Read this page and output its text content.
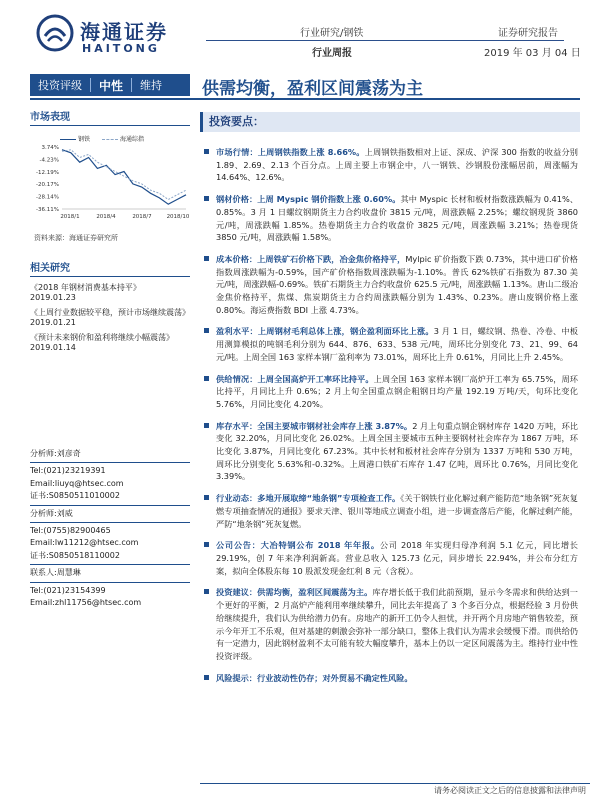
海通证券
HAITONG
行业研究/钢铁	证券研究报告
行业周报	2019 年 03 月 04 日
投资评级	中性	维持	供需均衡，盈利区间震荡为主
市场表现
钢铁	海通综指
3.74%
-4.23%
-12.19%
-20.17%
-28.14%
-36.11%
2018/1	2018/4	2018/7	2018/10
资料来源：海通证券研究所
相关研究
《2018 年钢材消费基本持平》
2019.01.23
《上周行业数据较平稳，预计市场继续震荡》2019.01.21
《预计未来钢价和盈利将继续小幅震荡》
2019.01.14
分析师:刘彦奇
Tel:(021)23219391
Email:liuyq@htsec.com
证书:S0850511010002
分析师:刘威
Tel:(0755)82900465
Email:lw11212@htsec.com
证书:S0850518110002
联系人:周慧琳
Tel:(021)23154399
Email:zhl11756@htsec.com
投资要点：
市场行情：上周钢铁指数上涨 8.66%。上周钢铁指数相对上证、深成、沪深 300 指数的收益分别 1.89、2.69、2.13 个百分点。上周主要上市钢企中，八一钢铁、沙钢股份涨幅居前，周涨幅为 14.64%、12.6%。
钢材价格：上周 Myspic 钢价指数上涨 0.60%。其中 Myspic 长材和板材指数涨跌幅为 0.41%、0.85%。3 月 1 日螺纹钢期货主力合约收盘价 3815 元/吨，周涨跌幅 2.25%；螺纹钢现货 3860 元/吨，周涨跌幅 1.85%。热卷期货主力合约收盘价 3825 元/吨，周涨跌幅 3.21%；热卷现货 3850 元/吨，周涨跌幅 1.58%。
成本价格：上周铁矿石价格下跌，冶金焦价格持平，Mylpic 矿价指数下跌 0.73%，其中进口矿价格指数周涨跌幅为-0.59%，国产矿价格指数周涨跌幅为-1.10%。普氏 62%铁矿石指数为 87.30 美元/吨，周涨跌幅-0.69%。铁矿石期货主力合约收盘价 625.5 元/吨，周涨跌幅 1.13%。唐山二级冶金焦价格持平，焦煤、焦炭期货主力合约周涨跌幅分别为 1.43%、0.23%。唐山废钢价格上涨 0.80%。海运费指数 BDI 上涨 4.73%。
盈利水平：上周钢材毛利总体上涨，钢企盈利面环比上涨。3 月 1 日，螺纹钢、热卷、冷卷、中板用测算模拟的吨钢毛利分别为 644、876、633、538 元/吨，周环比分别变化 73、21、99、64 元/吨。上周全国 163 家样本钢厂盈利率为 73.01%，周环比上升 0.61%，月同比上升 2.45%。
供给情况：上周全国高炉开工率环比持平。上周全国 163 家样本钢厂高炉开工率为 65.75%，周环比持平，月同比上升 0.6%；2 月上旬全国重点钢企粗钢日均产量 192.19 万吨/天，旬环比变化 5.76%，月同比变化 4.20%。
库存水平：全国主要城市钢材社会库存上涨 3.87%。2 月上旬重点钢企钢材库存 1420 万吨，环比变化 32.20%，月同比变化 26.02%。上周全国主要城市五种主要钢材社会库存为 1867 万吨，环比变化 3.87%，月同比变化 67.23%。其中长材和板材社会库存分别为 1337 万吨和 530 万吨，周环比分别变化 5.63%和-0.32%。上周港口铁矿石库存 1.47 亿吨，周环比 0.76%，月同比变化 3.39%。
行业动态：多地开展取缔“地条钢”专项检查工作。《关于钢铁行业化解过剩产能防范“地条钢”死灰复燃专项抽查情况的通报》要求天津、银川等地成立调查小组，进一步调查落后产能，化解过剩产能，严防“地条钢”死灰复燃。
公司公告：大冶特钢公布 2018 年年报。公司 2018 年实现归母净利润 5.1 亿元，同比增长 29.19%，创 7 年来净利润新高。营业总收入 125.73 亿元，同步增长 22.94%，并公布分红方案，拟向全体股东每 10 股派发现金红利 8 元（含税）。
投资建议：供需均衡，盈利区间震荡为主。库存增长低于我们此前预期，显示今冬需求和供给达到一个更好的平衡，2 月高炉产能利用率继续攀升，同比去年提高了 3 个多百分点，根据经验 3 月份供给继续提升，我们认为供给潜力仍有。房地产的新开工仍令人担忧，并开两个月房地产销售较差，预示今年开工不乐观，但对基建的刺激会弥补一部分缺口，整体上我们认为需求会缓慢下滑。而供给仍有一定潜力，因此钢材盈利不太可能有较大幅度攀升，基本上仍以一定区间震荡为主。维持行业中性投资评级。
风险提示：行业波动性仍存；对外贸易不确定性风险。
请务必阅读正文之后的信息披露和法律声明
